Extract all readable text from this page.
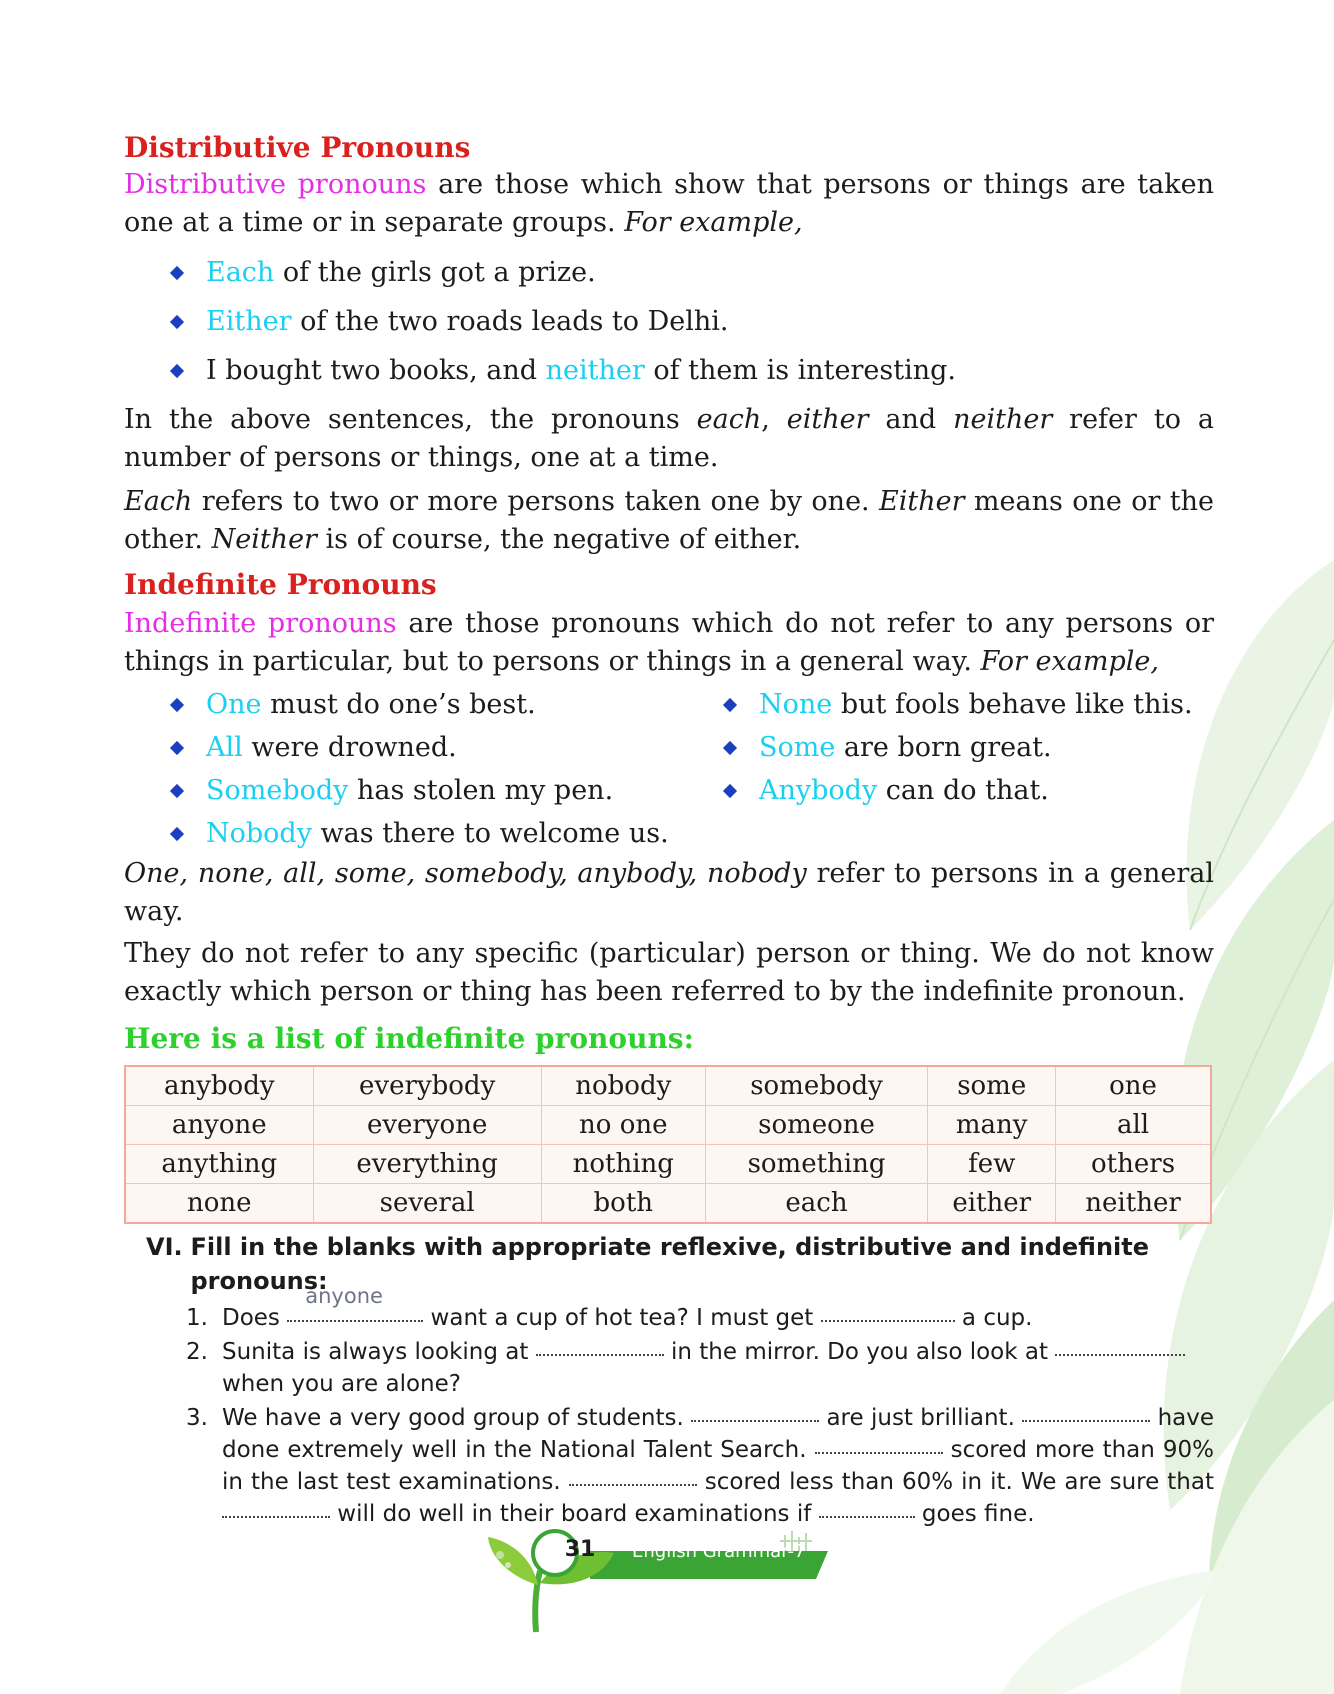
Distributive Pronouns

Distributive pronouns are those which show that persons or things are taken one at a time or in separate groups. For example,

Each of the girls got a prize.
Either of the two roads leads to Delhi.
I bought two books, and neither of them is interesting.

In the above sentences, the pronouns each, either and neither refer to a number of persons or things, one at a time.

Each refers to two or more persons taken one by one. Either means one or the other. Neither is of course, the negative of either.

Indefinite Pronouns

Indefinite pronouns are those pronouns which do not refer to any persons or things in particular, but to persons or things in a general way. For example,

One must do one’s best.
All were drowned.
Somebody has stolen my pen.
Nobody was there to welcome us.
None but fools behave like this.
Some are born great.
Anybody can do that.

One, none, all, some, somebody, anybody, nobody refer to persons in a general way.

They do not refer to any specific (particular) person or thing. We do not know exactly which person or thing has been referred to by the indefinite pronoun.

Here is a list of indefinite pronouns:
anybody	everybody	nobody	somebody	some	one
anyone	everyone	no one	someone	many	all
anything	everything	nothing	something	few	others
none	several	both	each	either	neither
VI. Fill in the blanks with appropriate reflexive, distributive and indefinite pronouns:
1. Does
anyone
want a cup of hot tea? I must get	a cup.
2. Sunita is always looking at	in the mirror. Do you also look at
when you are alone?
3. We have a very good group of students.	are just brilliant.	have done extremely well in the National Talent Search.	scored more than 90% in the last test examinations.	scored less than 60% in it. We are sure that  will do well in their board examinations if	goes fine.
31	English Grammar-7
